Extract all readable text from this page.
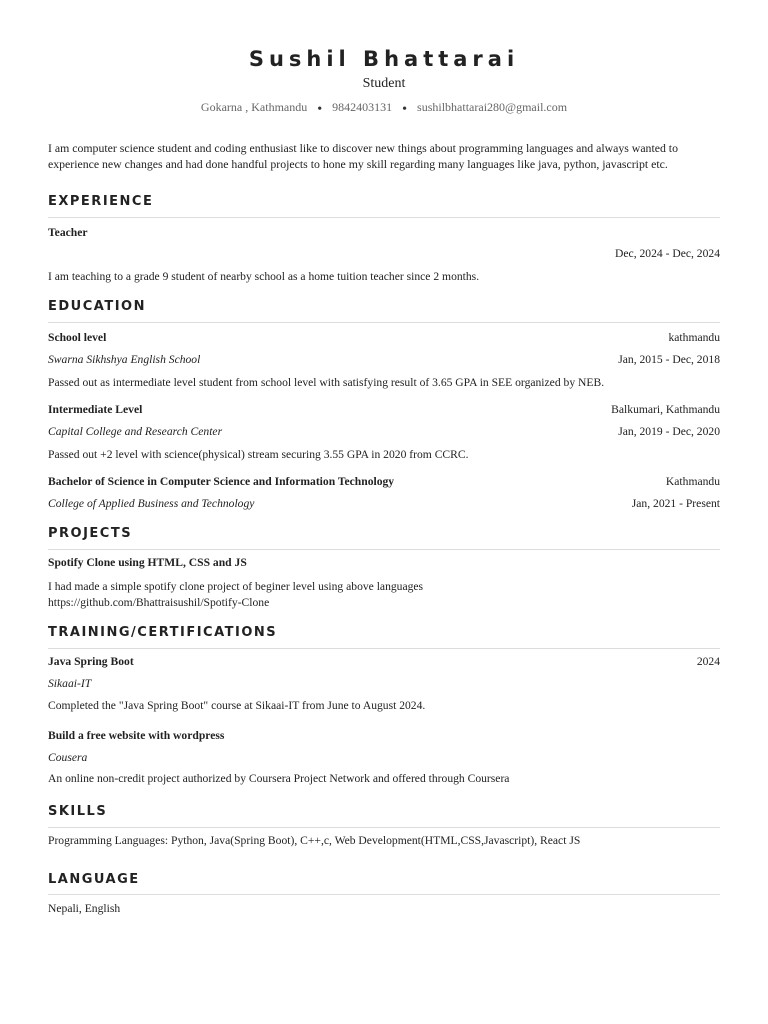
Sushil Bhattarai
Student
Gokarna , Kathmandu • 9842403131 • sushilbhattarai280@gmail.com
I am computer science student and coding enthusiast like to discover new things about programming languages and always wanted to experience new changes and had done handful projects to hone my skill regarding many languages like java, python, javascript etc.
EXPERIENCE
Teacher
Dec, 2024 - Dec, 2024
I am teaching to a grade 9 student of nearby school as a home tuition teacher since 2 months.
EDUCATION
School level	kathmandu
Swarna Sikhshya English School	Jan, 2015 - Dec, 2018
Passed out as intermediate level student from school level with satisfying result of 3.65 GPA in SEE organized by NEB.
Intermediate Level	Balkumari, Kathmandu
Capital College and Research Center	Jan, 2019 - Dec, 2020
Passed out +2 level with science(physical) stream securing 3.55 GPA in 2020 from CCRC.
Bachelor of Science in Computer Science and Information Technology	Kathmandu
College of Applied Business and Technology	Jan, 2021 - Present
PROJECTS
Spotify Clone using HTML, CSS and JS
I had made a simple spotify clone project of beginer level using above languages
https://github.com/Bhattraisushil/Spotify-Clone
TRAINING/CERTIFICATIONS
Java Spring Boot	2024
Sikaai-IT
Completed the "Java Spring Boot" course at Sikaai-IT from June to August 2024.
Build a free website with wordpress
Cousera
An online non-credit project authorized by Coursera Project Network and offered through Coursera
SKILLS
Programming Languages: Python, Java(Spring Boot), C++,c, Web Development(HTML,CSS,Javascript), React JS
LANGUAGE
Nepali, English
